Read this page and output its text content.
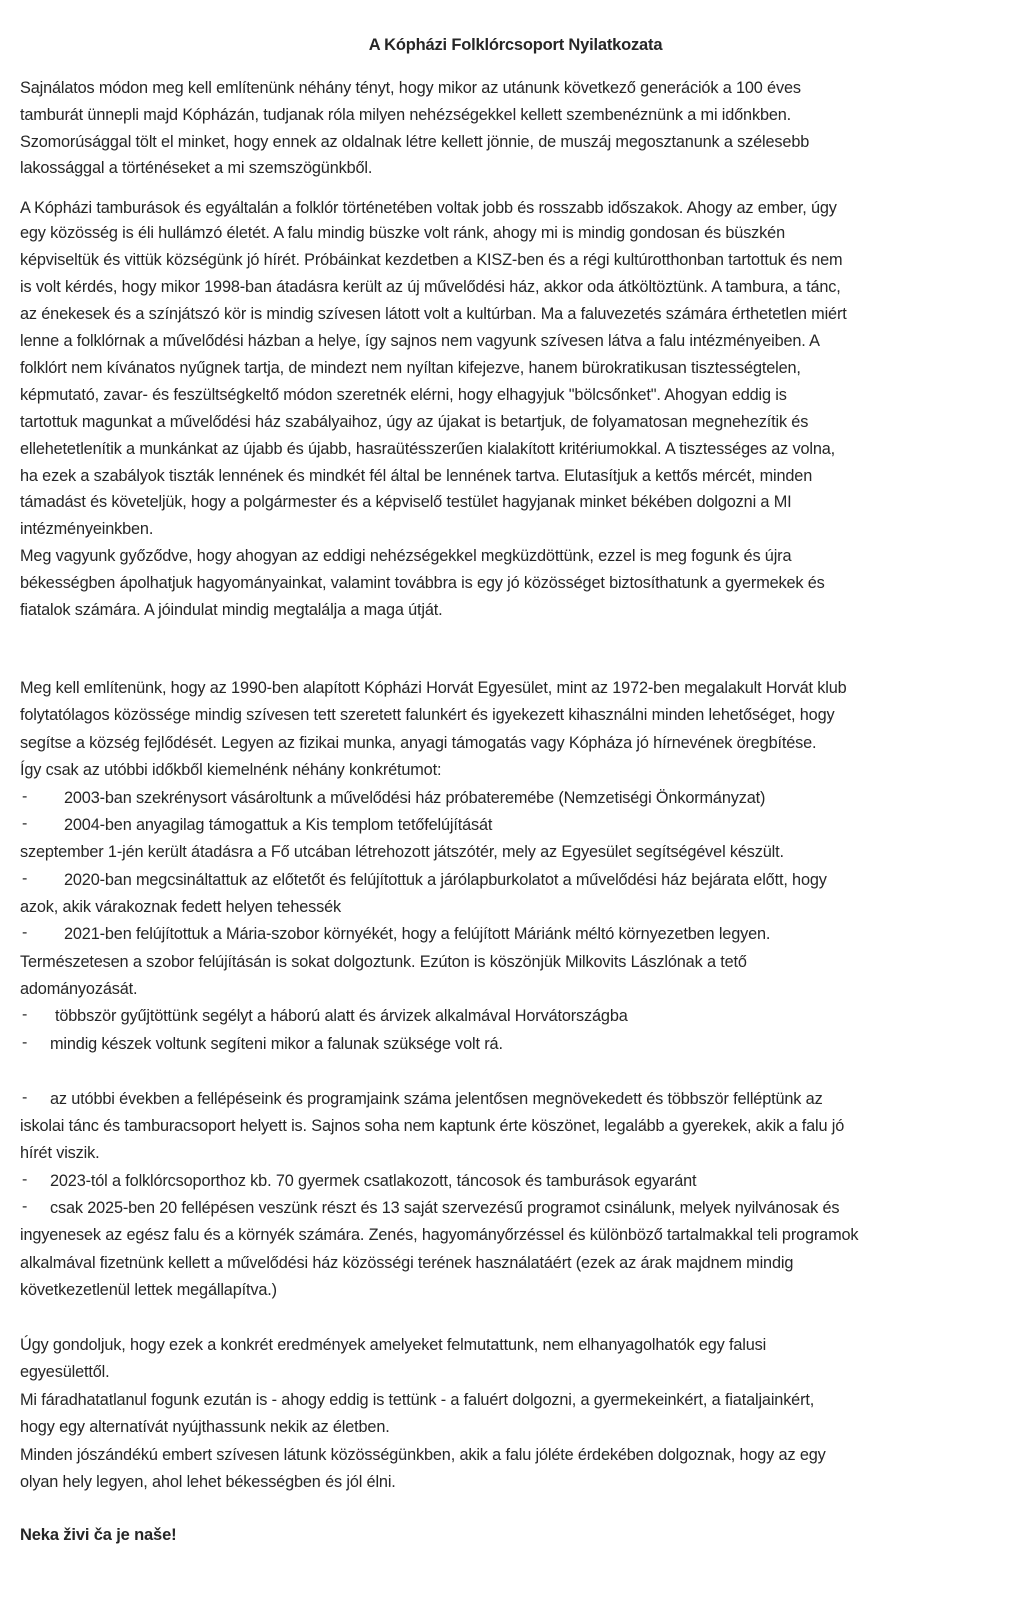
A Kópházi Folklórcsoport Nyilatkozata
Sajnálatos módon meg kell említenünk néhány tényt, hogy mikor az utánunk következő generációk a 100 éves
tamburát ünnepli majd Kópházán, tudjanak róla milyen nehézségekkel kellett szembenéznünk a mi időnkben.
Szomorúsággal tölt el minket, hogy ennek az oldalnak létre kellett jönnie, de muszáj megosztanunk a szélesebb
lakossággal a történéseket a mi szemszögünkből.
A Kópházi tamburások és egyáltalán a folklór történetében voltak jobb és rosszabb időszakok. Ahogy az ember, úgy
egy közösség is éli hullámzó életét. A falu mindig büszke volt ránk, ahogy mi is mindig gondosan és büszkén
képviseltük és vittük községünk jó hírét. Próbáinkat kezdetben a KISZ-ben és a régi kultúrotthonban tartottuk és nem
is volt kérdés, hogy mikor 1998-ban átadásra került az új művelődési ház, akkor oda átköltöztünk. A tambura, a tánc,
az énekesek és a színjátszó kör is mindig szívesen látott volt a kultúrban. Ma a faluvezetés számára érthetetlen miért
lenne a folklórnak a művelődési házban a helye, így sajnos nem vagyunk szívesen látva a falu intézményeiben. A
folklórt nem kívánatos nyűgnek tartja, de mindezt nem nyíltan kifejezve, hanem bürokratikusan tisztességtelen,
képmutató, zavar- és feszültségkeltő módon szeretnék elérni, hogy elhagyjuk "bölcsőnket". Ahogyan eddig is
tartottuk magunkat a művelődési ház szabályaihoz, úgy az újakat is betartjuk, de folyamatosan megnehezítik és
ellehetetlenítik a munkánkat az újabb és újabb, hasraütésszerűen kialakított kritériumokkal. A tisztességes az volna,
ha ezek a szabályok tiszták lennének és mindkét fél által be lennének tartva. Elutasítjuk a kettős mércét, minden
támadást és követeljük, hogy a polgármester és a képviselő testület hagyjanak minket békében dolgozni a MI
intézményeinkben.
Meg vagyunk győződve, hogy ahogyan az eddigi nehézségekkel megküzdöttünk, ezzel is meg fogunk és újra
békességben ápolhatjuk hagyományainkat, valamint továbbra is egy jó közösséget biztosíthatunk a gyermekek és
fiatalok számára. A jóindulat mindig megtalálja a maga útját.
Meg kell említenünk, hogy az 1990-ben alapított Kópházi Horvát Egyesület, mint az 1972-ben megalakult Horvát klub
folytatólagos közössége mindig szívesen tett szeretett falunkért és igyekezett kihasználni minden lehetőséget, hogy
segítse a község fejlődését. Legyen az fizikai munka, anyagi támogatás vagy Kópháza jó hírnevének öregbítése.
Így csak az utóbbi időkből kiemelnénk néhány konkrétumot:
- 2003-ban szekrénysort vásároltunk a művelődési ház próbateremébe (Nemzetiségi Önkormányzat)
- 2004-ben anyagilag támogattuk a Kis templom tetőfelújítását
szeptember 1-jén került átadásra a Fő utcában létrehozott játszótér, mely az Egyesület segítségével készült.
- 2020-ban megcsináltattuk az előtetőt és felújítottuk a járólapburkolatot a művelődési ház bejárata előtt, hogy
azok, akik várakoznak fedett helyen tehessék
- 2021-ben felújítottuk a Mária-szobor környékét, hogy a felújított Máriánk méltó környezetben legyen.
Természetesen a szobor felújításán is sokat dolgoztunk. Ezúton is köszönjük Milkovits Lászlónak a tető
adományozását.
- többször gyűjtöttünk segélyt a háború alatt és árvizek alkalmával Horvátországba
- mindig készek voltunk segíteni mikor a falunak szüksége volt rá.
- az utóbbi években a fellépéseink és programjaink száma jelentősen megnövekedett és többször felléptünk az
iskolai tánc és tamburacsoport helyett is. Sajnos soha nem kaptunk érte köszönet, legalább a gyerekek, akik a falu jó
hírét viszik.
- 2023-tól a folklórcsoporthoz kb. 70 gyermek csatlakozott, táncosok és tamburások egyaránt
- csak 2025-ben 20 fellépésen veszünk részt és 13 saját szervezésű programot csinálunk, melyek nyilvánosak és
ingyenesek az egész falu és a környék számára. Zenés, hagyományőrzéssel és különböző tartalmakkal teli programok
alkalmával fizetnünk kellett a művelődési ház közösségi terének használatáért (ezek az árak majdnem mindig
következetlenül lettek megállapítva.)
Úgy gondoljuk, hogy ezek a konkrét eredmények amelyeket felmutattunk, nem elhanyagolhatók egy falusi
egyesülettől.
Mi fáradhatatlanul fogunk ezután is - ahogy eddig is tettünk - a faluért dolgozni, a gyermekeinkért, a fiataljainkért,
hogy egy alternatívát nyújthassunk nekik az életben.
Minden jószándékú embert szívesen látunk közösségünkben, akik a falu jóléte érdekében dolgoznak, hogy az egy
olyan hely legyen, ahol lehet békességben és jól élni.
Neka živi ča je naše!
